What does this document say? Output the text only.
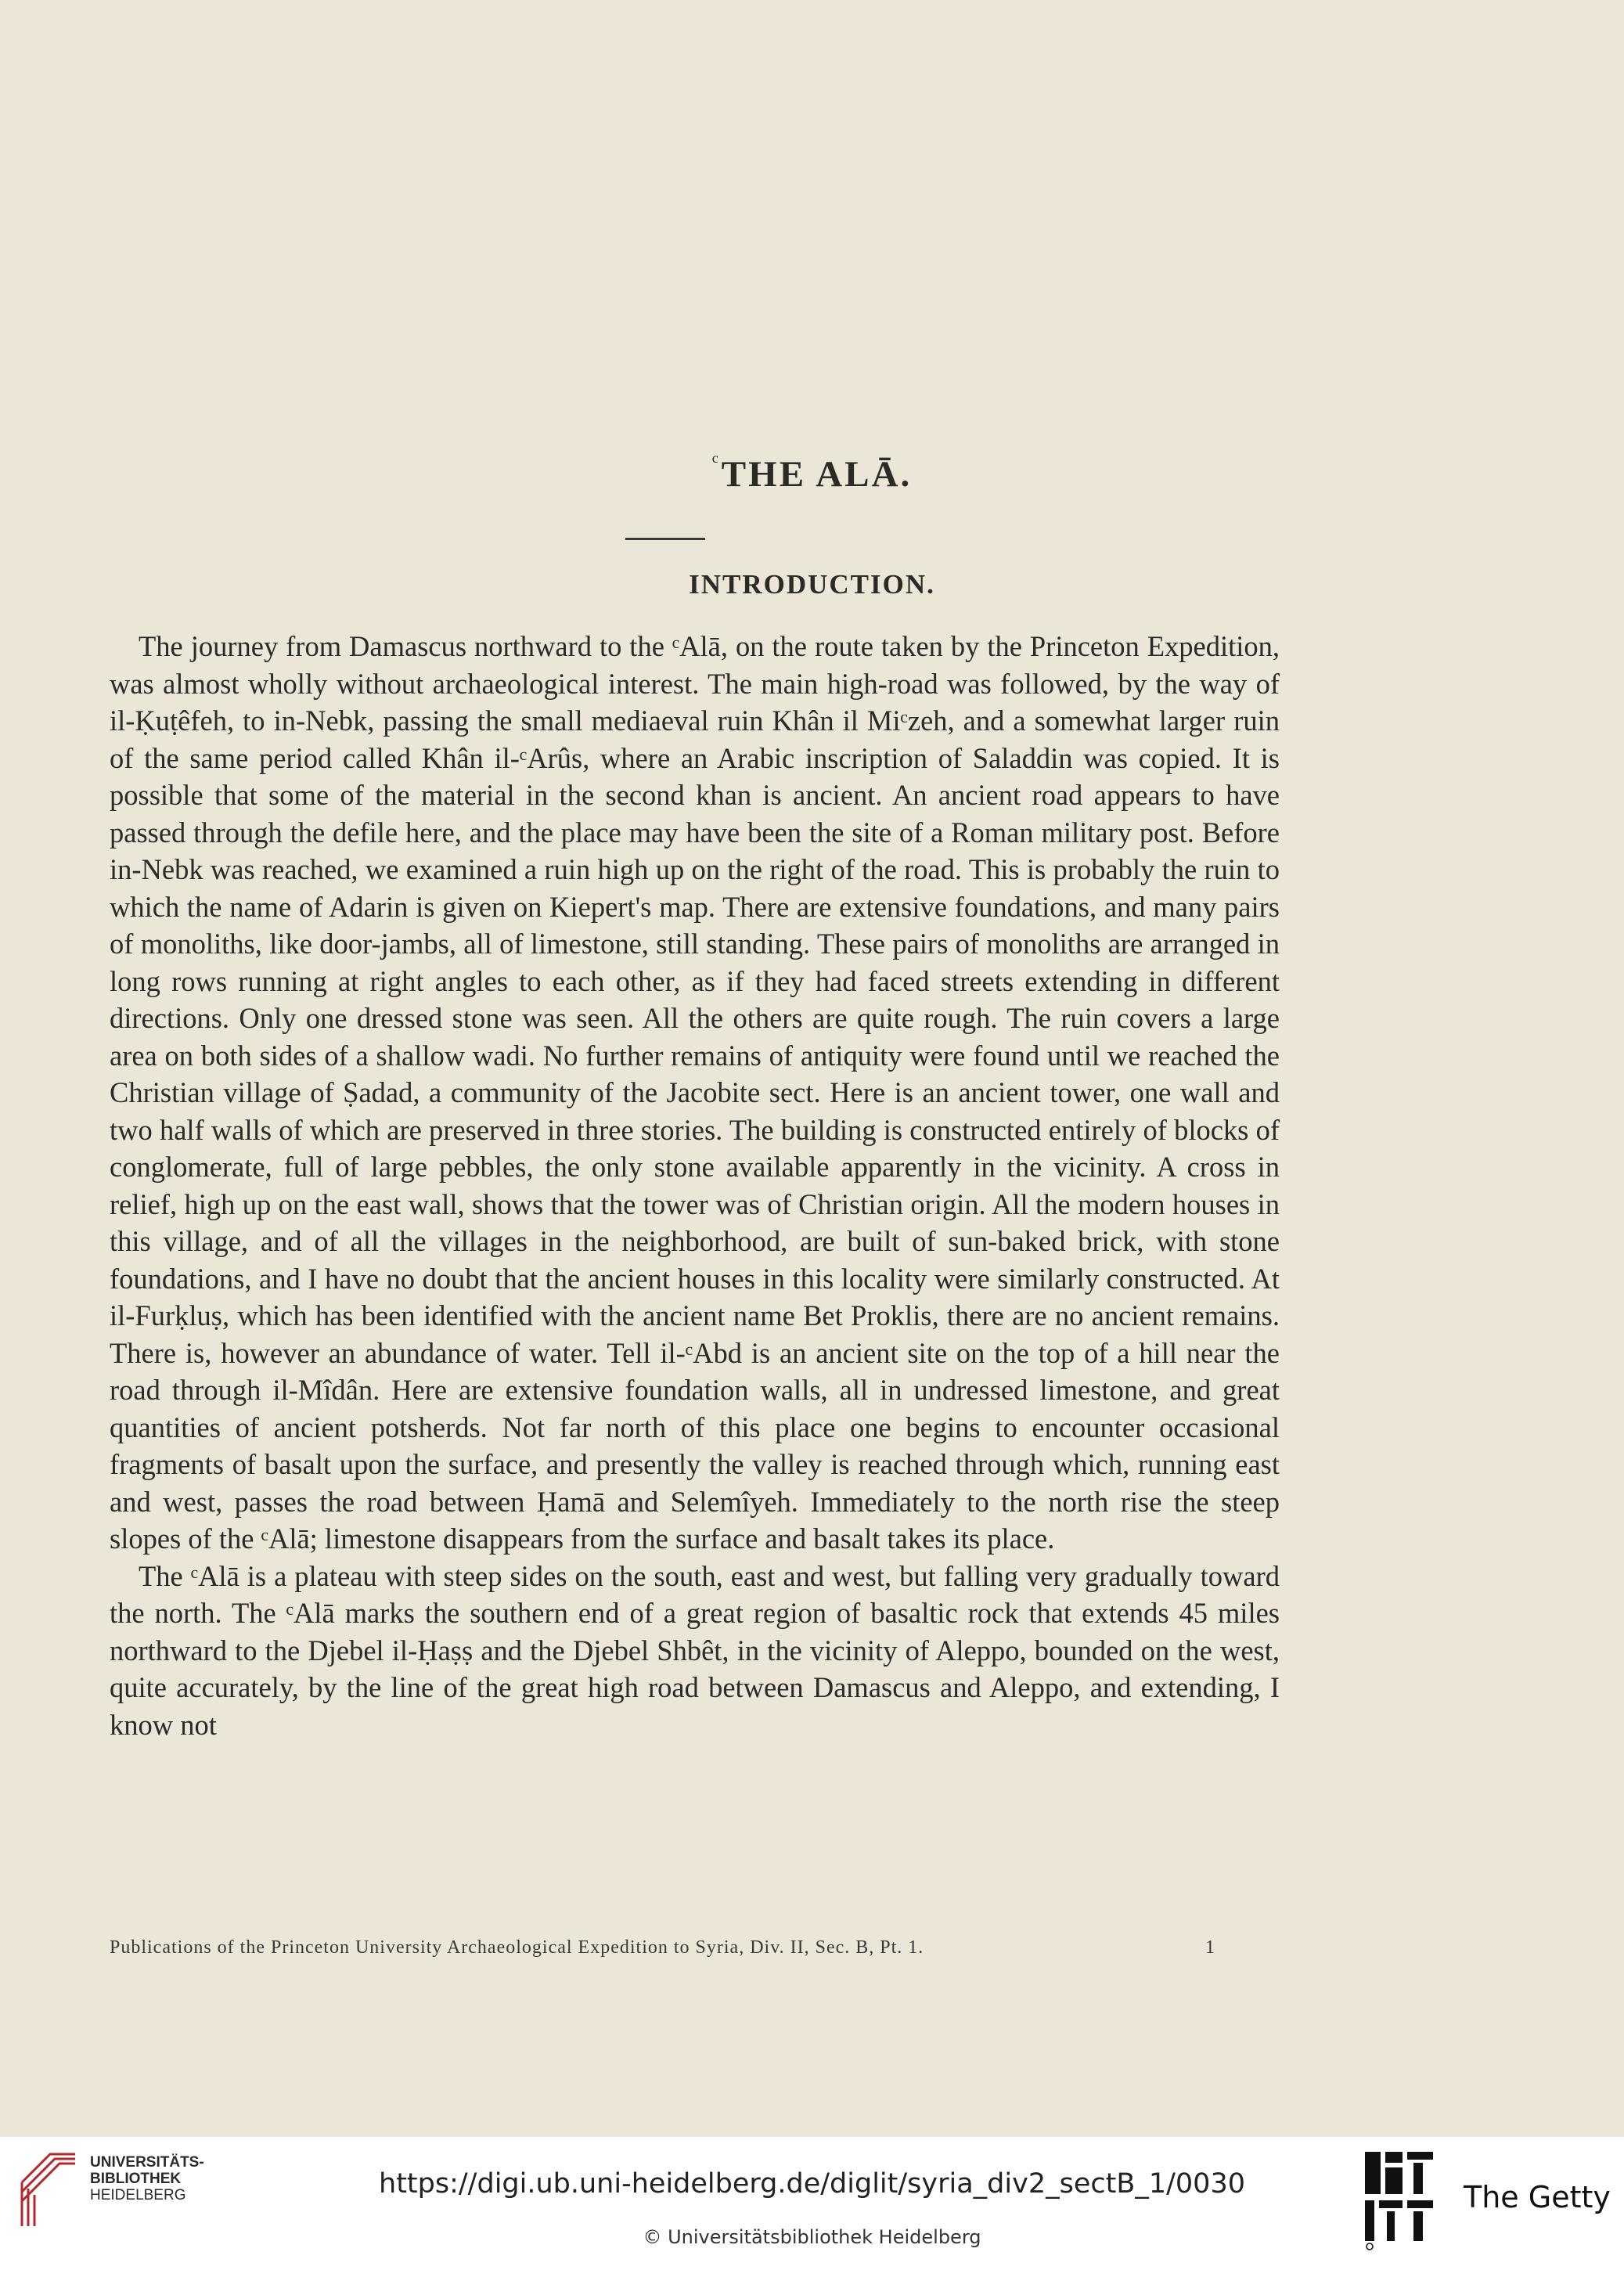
$^c$THE ALĀ.
INTRODUCTION.

The journey from Damascus northward to the ᶜAlā, on the route taken by the Princeton Expedition, was almost wholly without archaeological interest. The main high-road was followed, by the way of il-Ḳuṭêfeh, to in-Nebk, passing the small mediaeval ruin Khân il Miᶜzeh, and a somewhat larger ruin of the same period called Khân il-ᶜArûs, where an Arabic inscription of Saladdin was copied. It is possible that some of the material in the second khan is ancient. An ancient road appears to have passed through the defile here, and the place may have been the site of a Roman military post. Before in-Nebk was reached, we examined a ruin high up on the right of the road. This is probably the ruin to which the name of Adarin is given on Kiepert's map. There are extensive foundations, and many pairs of monoliths, like door-jambs, all of limestone, still standing. These pairs of monoliths are arranged in long rows running at right angles to each other, as if they had faced streets extending in different directions. Only one dressed stone was seen. All the others are quite rough. The ruin covers a large area on both sides of a shallow wadi. No further remains of antiquity were found until we reached the Christian village of Ṣadad, a community of the Jacobite sect. Here is an ancient tower, one wall and two half walls of which are preserved in three stories. The building is constructed entirely of blocks of conglomerate, full of large pebbles, the only stone available apparently in the vicinity. A cross in relief, high up on the east wall, shows that the tower was of Christian origin. All the modern houses in this village, and of all the villages in the neighborhood, are built of sun-baked brick, with stone foundations, and I have no doubt that the ancient houses in this locality were similarly constructed. At il-Furḳluṣ, which has been identified with the ancient name Bet Proklis, there are no ancient remains. There is, however an abundance of water. Tell il-ᶜAbd is an ancient site on the top of a hill near the road through il-Mîdân. Here are extensive foundation walls, all in undressed limestone, and great quantities of ancient potsherds. Not far north of this place one begins to encounter occasional fragments of basalt upon the surface, and presently the valley is reached through which, running east and west, passes the road between Ḥamā and Selemîyeh. Immediately to the north rise the steep slopes of the ᶜAlā; limestone disappears from the surface and basalt takes its place.

The ᶜAlā is a plateau with steep sides on the south, east and west, but falling very gradually toward the north. The ᶜAlā marks the southern end of a great region of basaltic rock that extends 45 miles northward to the Djebel il-Ḥaṣṣ and the Djebel Shbêt, in the vicinity of Aleppo, bounded on the west, quite accurately, by the line of the great high road between Damascus and Aleppo, and extending, I know not

Publications of the Princeton University Archaeological Expedition to Syria, Div. II, Sec. B, Pt. 1.	1
UNIVERSITÄTS-
BIBLIOTHEK
HEIDELBERG	https://digi.ub.uni-heidelberg.de/diglit/syria_div2_sectB_1/0030
© Universitätsbibliothek Heidelberg
The Getty
